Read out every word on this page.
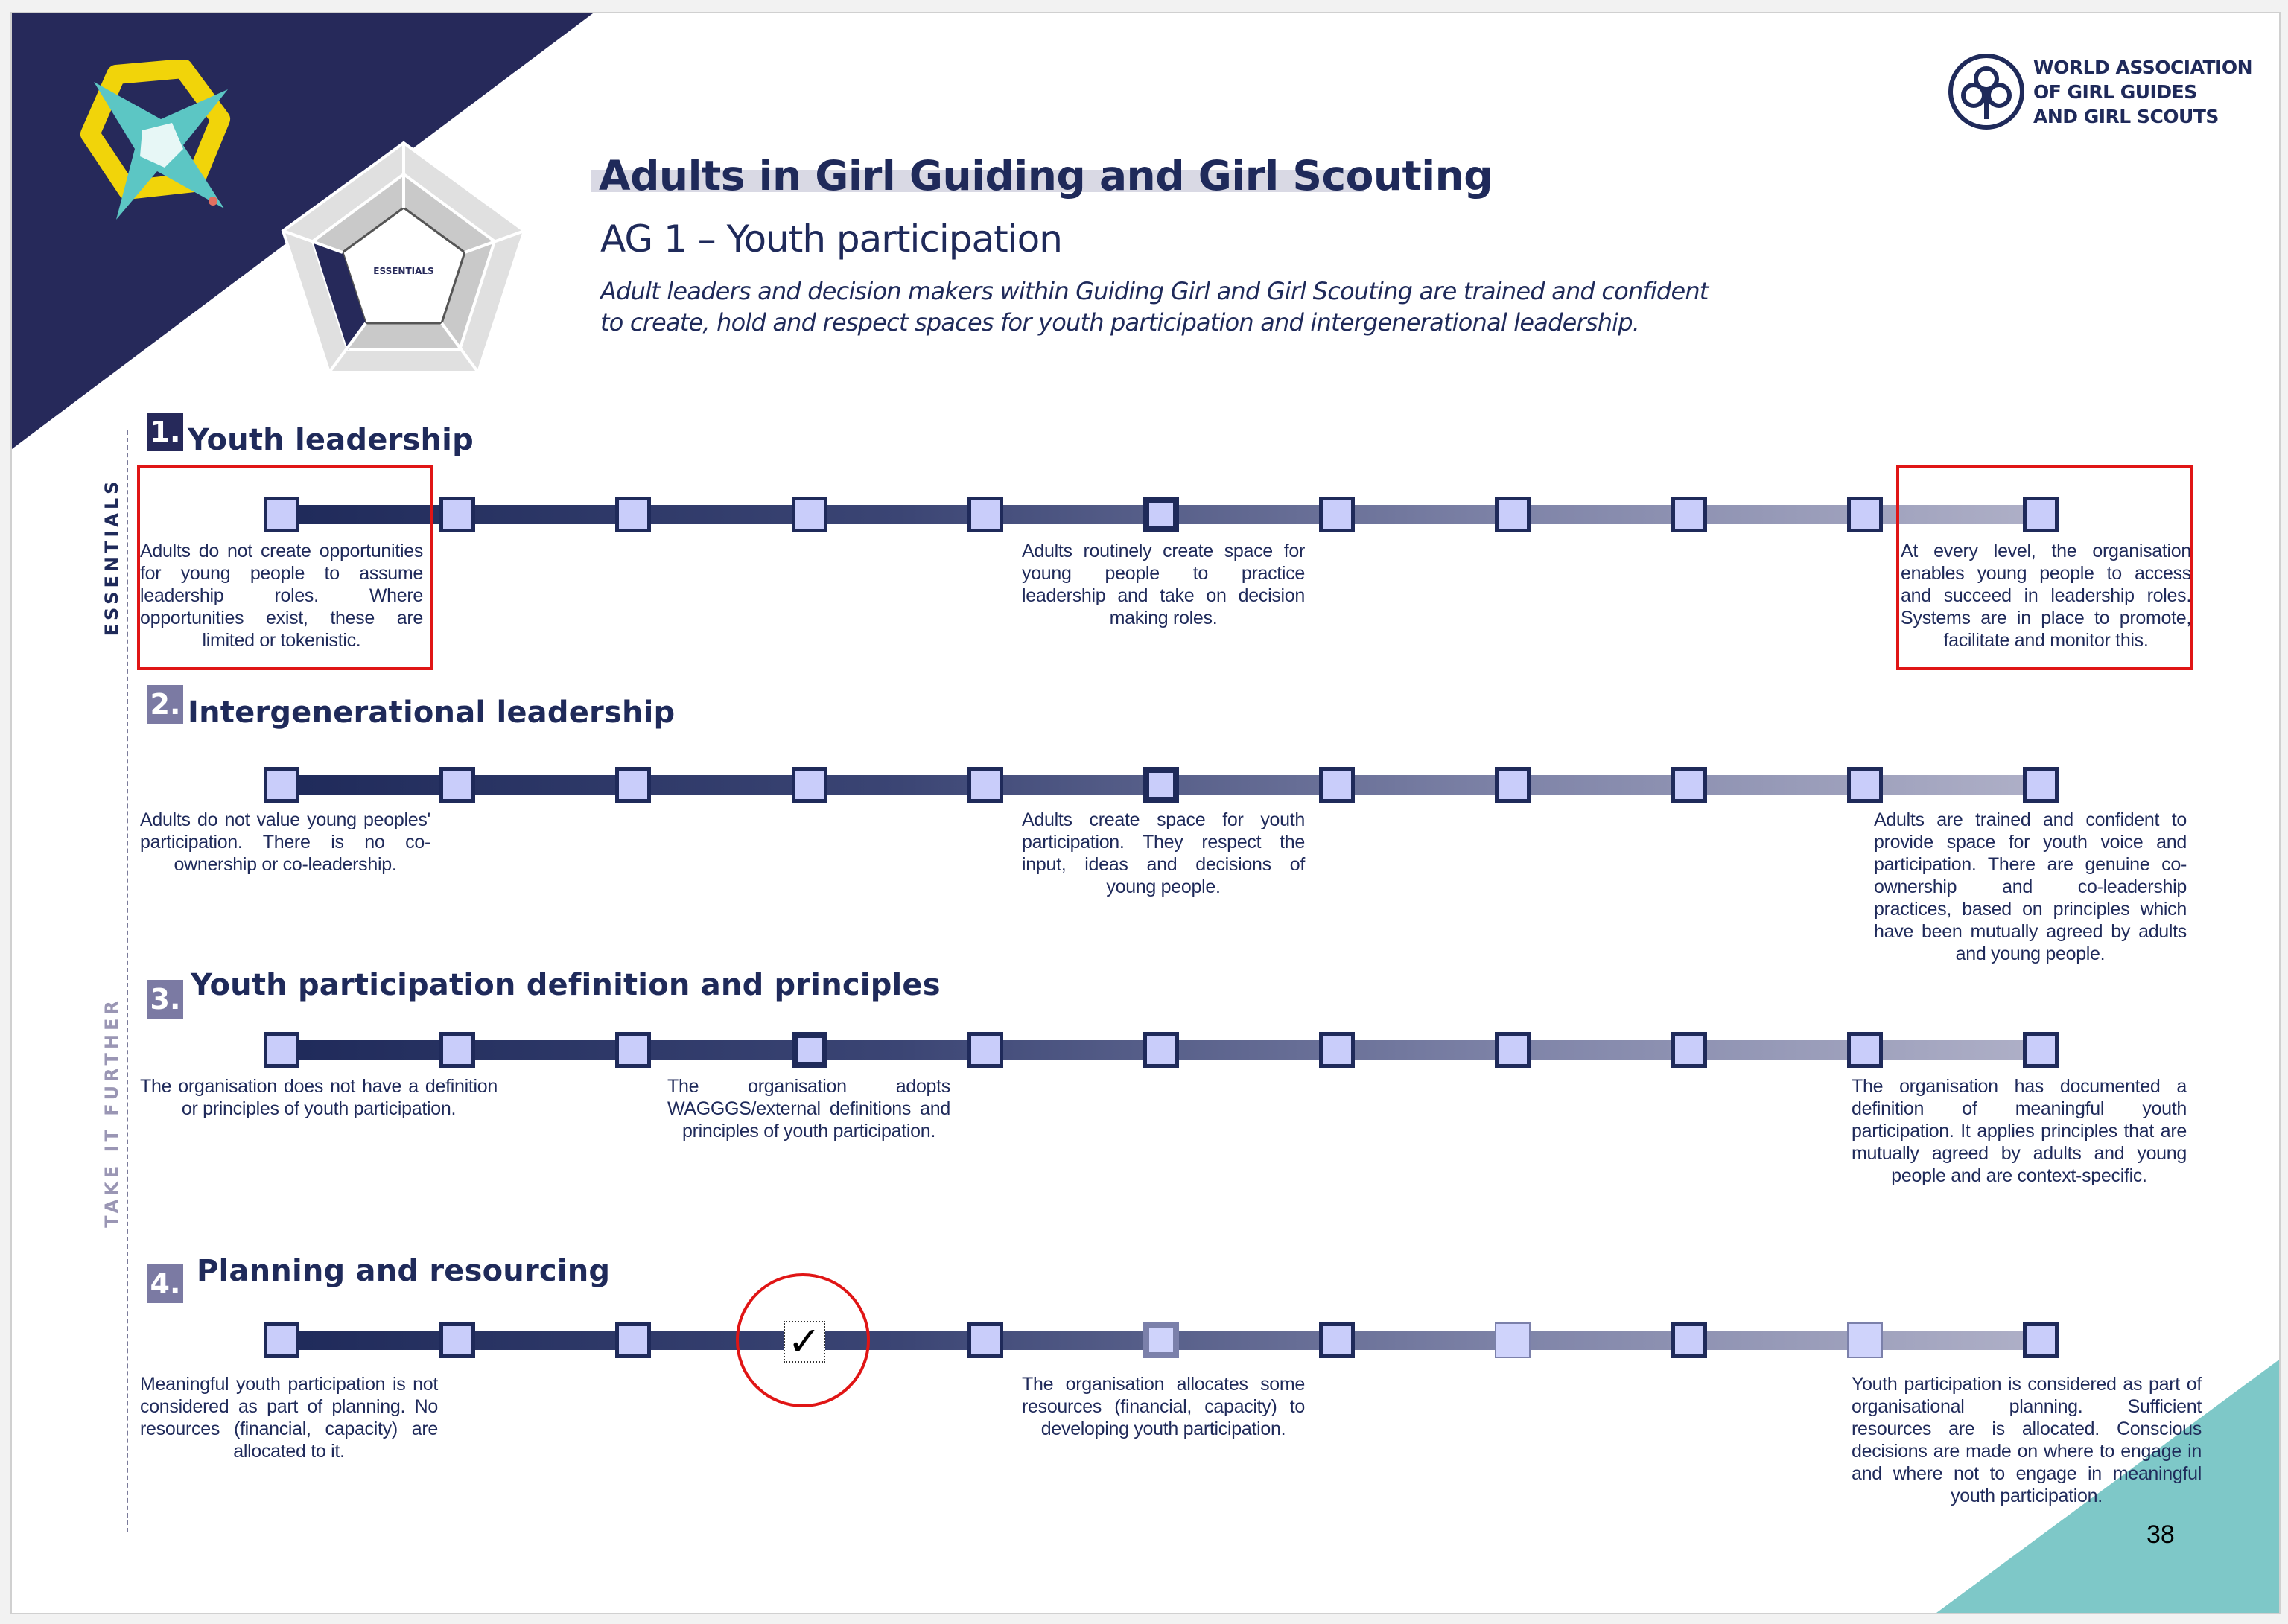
ESSENTIALS
WORLD ASSOCIATION
OF GIRL GUIDES
AND GIRL SCOUTS
Adults in Girl Guiding and Girl Scouting
AG 1 – Youth participation
Adult leaders and decision makers within Guiding Girl and Girl Scouting are trained and confident
to create, hold and respect spaces for youth participation and intergenerational leadership.
ESSENTIALS
TAKE IT FURTHER
1. Youth leadership
Adults do not create opportunities for young people to assume leadership roles. Where opportunities exist, these are limited or tokenistic.
Adults routinely create space for young people to practice leadership and take on decision making roles.
At every level, the organisation enables young people to access and succeed in leadership roles. Systems are in place to promote, facilitate and monitor this.
2. Intergenerational leadership
Adults do not value young peoples' participation. There is no co-ownership or co-leadership.
Adults create space for youth participation. They respect the input, ideas and decisions of young people.
Adults are trained and confident to provide space for youth voice and participation. There are genuine co-ownership and co-leadership practices, based on principles which have been mutually agreed by adults and young people.
3. Youth participation definition and principles
The organisation does not have a definition or principles of youth participation.
The organisation adopts WAGGGS/external definitions and principles of youth participation.
The organisation has documented a definition of meaningful youth participation. It applies principles that are mutually agreed by adults and young people and are context-specific.
4. Planning and resourcing
Meaningful youth participation is not considered as part of planning. No resources (financial, capacity) are allocated to it.
The organisation allocates some resources (financial, capacity) to developing youth participation.
Youth participation is considered as part of organisational planning. Sufficient resources are is allocated. Conscious decisions are made on where to engage in and where not to engage in meaningful youth participation.
✓
38
